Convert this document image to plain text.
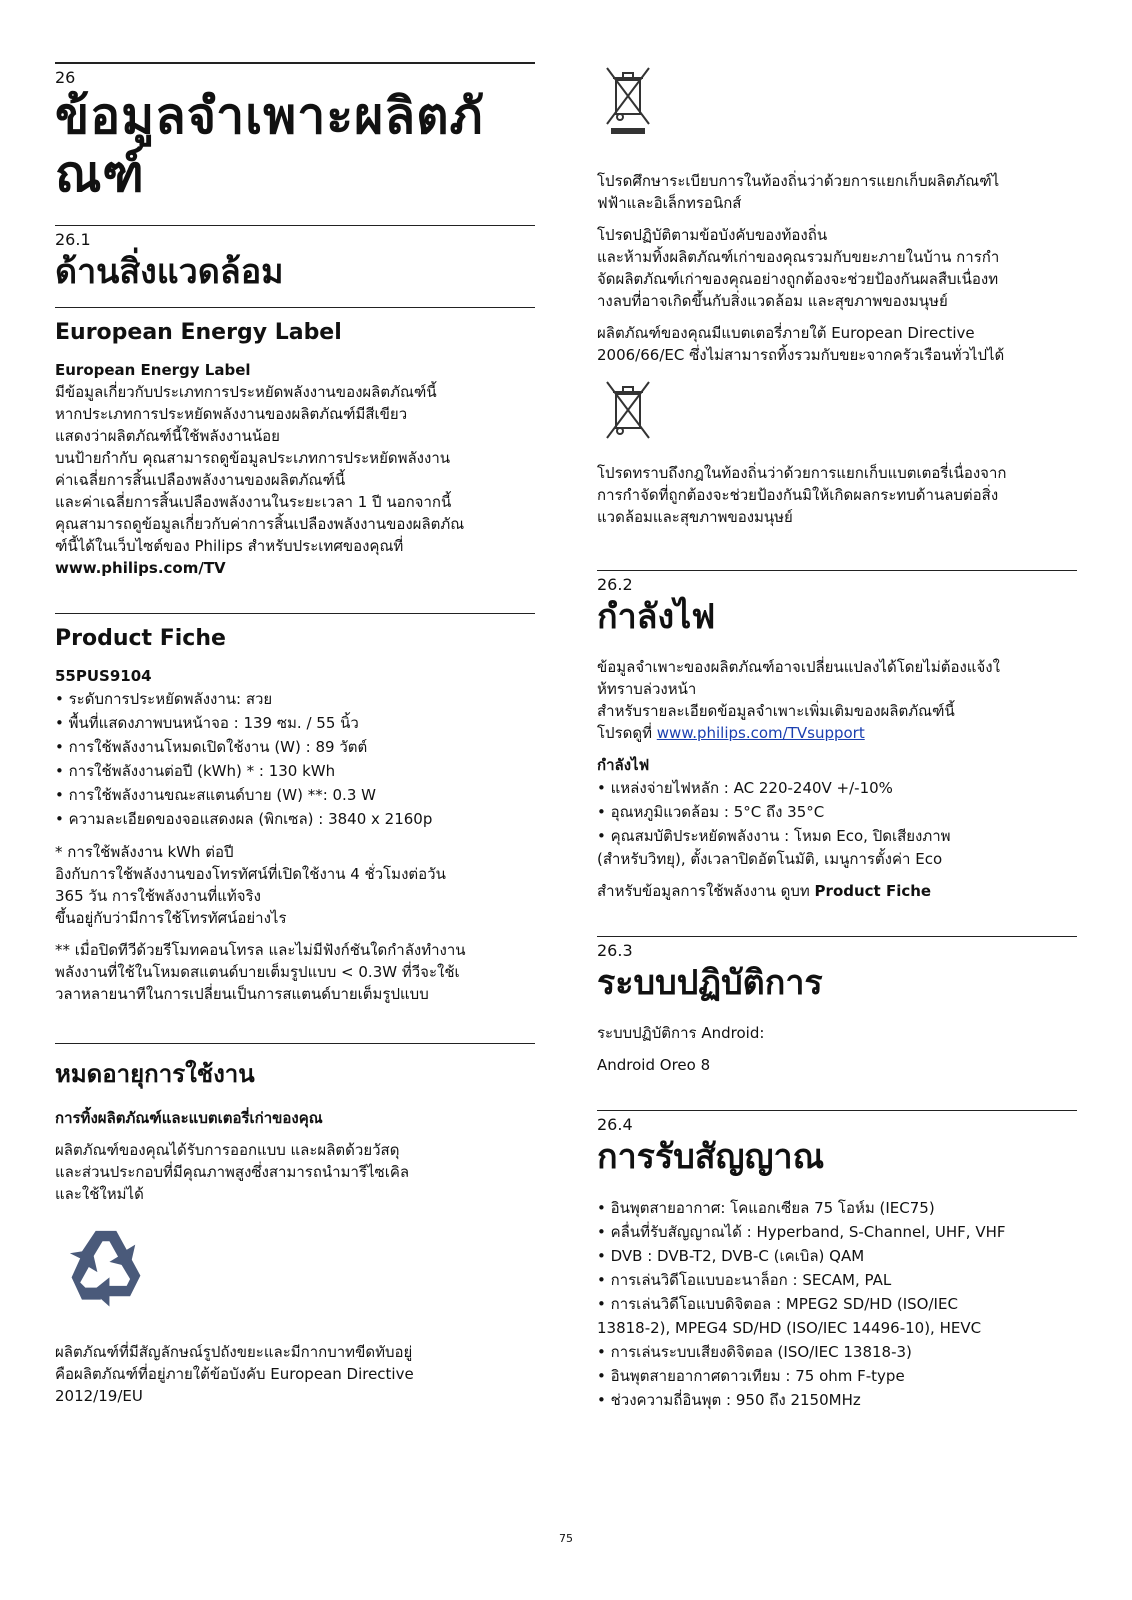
26
ข้อมูลจำเพาะผลิตภั
ณฑ์
26.1
ด้านสิ่งแวดล้อม
European Energy Label
European Energy Label

มีข้อมูลเกี่ยวกับประเภทการประหยัดพลังงานของผลิตภัณฑ์นี้
หากประเภทการประหยัดพลังงานของผลิตภัณฑ์มีสีเขียว
แสดงว่าผลิตภัณฑ์นี้ใช้พลังงานน้อย
บนป้ายกำกับ คุณสามารถดูข้อมูลประเภทการประหยัดพลังงาน
ค่าเฉลี่ยการสิ้นเปลืองพลังงานของผลิตภัณฑ์นี้
และค่าเฉลี่ยการสิ้นเปลืองพลังงานในระยะเวลา 1 ปี นอกจากนี้
คุณสามารถดูข้อมูลเกี่ยวกับค่าการสิ้นเปลืองพลังงานของผลิตภัณ
ฑ์นี้ได้ในเว็บไซต์ของ Philips สำหรับประเทศของคุณที่

www.philips.com/TV
Product Fiche
55PUS9104
• ระดับการประหยัดพลังงาน: สวย
• พื้นที่แสดงภาพบนหน้าจอ : 139 ซม. / 55 นิ้ว
• การใช้พลังงานโหมดเปิดใช้งาน (W) : 89 วัตต์
• การใช้พลังงานต่อปี (kWh) * : 130 kWh
• การใช้พลังงานขณะสแตนด์บาย (W) **: 0.3 W
• ความละเอียดของจอแสดงผล (พิกเซล) : 3840 x 2160p

* การใช้พลังงาน kWh ต่อปี
อิงกับการใช้พลังงานของโทรทัศน์ที่เปิดใช้งาน 4 ชั่วโมงต่อวัน
365 วัน การใช้พลังงานที่แท้จริง
ขึ้นอยู่กับว่ามีการใช้โทรทัศน์อย่างไร

** เมื่อปิดทีวีด้วยรีโมทคอนโทรล และไม่มีฟังก์ชันใดกำลังทำงาน
พลังงานที่ใช้ในโหมดสแตนด์บายเต็มรูปแบบ < 0.3W ที่วีจะใช้เ
วลาหลายนาทีในการเปลี่ยนเป็นการสแตนด์บายเต็มรูปแบบ

หมดอายุการใช้งาน
การทิ้งผลิตภัณฑ์และแบตเตอรี่เก่าของคุณ

ผลิตภัณฑ์ของคุณได้รับการออกแบบ และผลิตด้วยวัสดุ
และส่วนประกอบที่มีคุณภาพสูงซึ่งสามารถนำมารีไซเคิล
และใช้ใหม่ได้

ผลิตภัณฑ์ที่มีสัญลักษณ์รูปถังขยะและมีกากบาทขีดทับอยู่
คือผลิตภัณฑ์ที่อยู่ภายใต้ข้อบังคับ European Directive
2012/19/EU

โปรดศึกษาระเบียบการในท้องถิ่นว่าด้วยการแยกเก็บผลิตภัณฑ์ไ
ฟฟ้าและอิเล็กทรอนิกส์

โปรดปฏิบัติตามข้อบังคับของท้องถิ่น
และห้ามทิ้งผลิตภัณฑ์เก่าของคุณรวมกับขยะภายในบ้าน การกำ
จัดผลิตภัณฑ์เก่าของคุณอย่างถูกต้องจะช่วยป้องกันผลสืบเนื่องท
างลบที่อาจเกิดขึ้นกับสิ่งแวดล้อม และสุขภาพของมนุษย์

ผลิตภัณฑ์ของคุณมีแบตเตอรี่ภายใต้ European Directive
2006/66/EC ซึ่งไม่สามารถทิ้งรวมกับขยะจากครัวเรือนทั่วไปได้

โปรดทราบถึงกฎในท้องถิ่นว่าด้วยการแยกเก็บแบตเตอรี่เนื่องจาก
การกำจัดที่ถูกต้องจะช่วยป้องกันมิให้เกิดผลกระทบด้านลบต่อสิ่ง
แวดล้อมและสุขภาพของมนุษย์

26.2
กำลังไฟ

ข้อมูลจำเพาะของผลิตภัณฑ์อาจเปลี่ยนแปลงได้โดยไม่ต้องแจ้งใ
ห้ทราบล่วงหน้า
สำหรับรายละเอียดข้อมูลจำเพาะเพิ่มเติมของผลิตภัณฑ์นี้
โปรดดูที่ www.philips.com/TVsupport

กำลังไฟ
• แหล่งจ่ายไฟหลัก : AC 220-240V +/-10%
• อุณหภูมิแวดล้อม : 5°C ถึง 35°C
• คุณสมบัติประหยัดพลังงาน : โหมด Eco, ปิดเสียงภาพ

(สำหรับวิทยุ), ตั้งเวลาปิดอัตโนมัติ, เมนูการตั้งค่า Eco

สำหรับข้อมูลการใช้พลังงาน ดูบท Product Fiche

26.3
ระบบปฏิบัติการ

ระบบปฏิบัติการ Android:

Android Oreo 8

26.4
การรับสัญญาณ
• อินพุตสายอากาศ: โคแอกเซียล 75 โอห์ม (IEC75)
• คลื่นที่รับสัญญาณได้ : Hyperband, S-Channel, UHF, VHF
• DVB : DVB-T2, DVB-C (เคเบิล) QAM
• การเล่นวิดีโอแบบอะนาล็อก : SECAM, PAL
• การเล่นวิดีโอแบบดิจิตอล : MPEG2 SD/HD (ISO/IEC

13818-2), MPEG4 SD/HD (ISO/IEC 14496-10), HEVC

• การเล่นระบบเสียงดิจิตอล (ISO/IEC 13818-3)
• อินพุตสายอากาศดาวเทียม : 75 ohm F-type
• ช่วงความถี่อินพุต : 950 ถึง 2150MHz
75
